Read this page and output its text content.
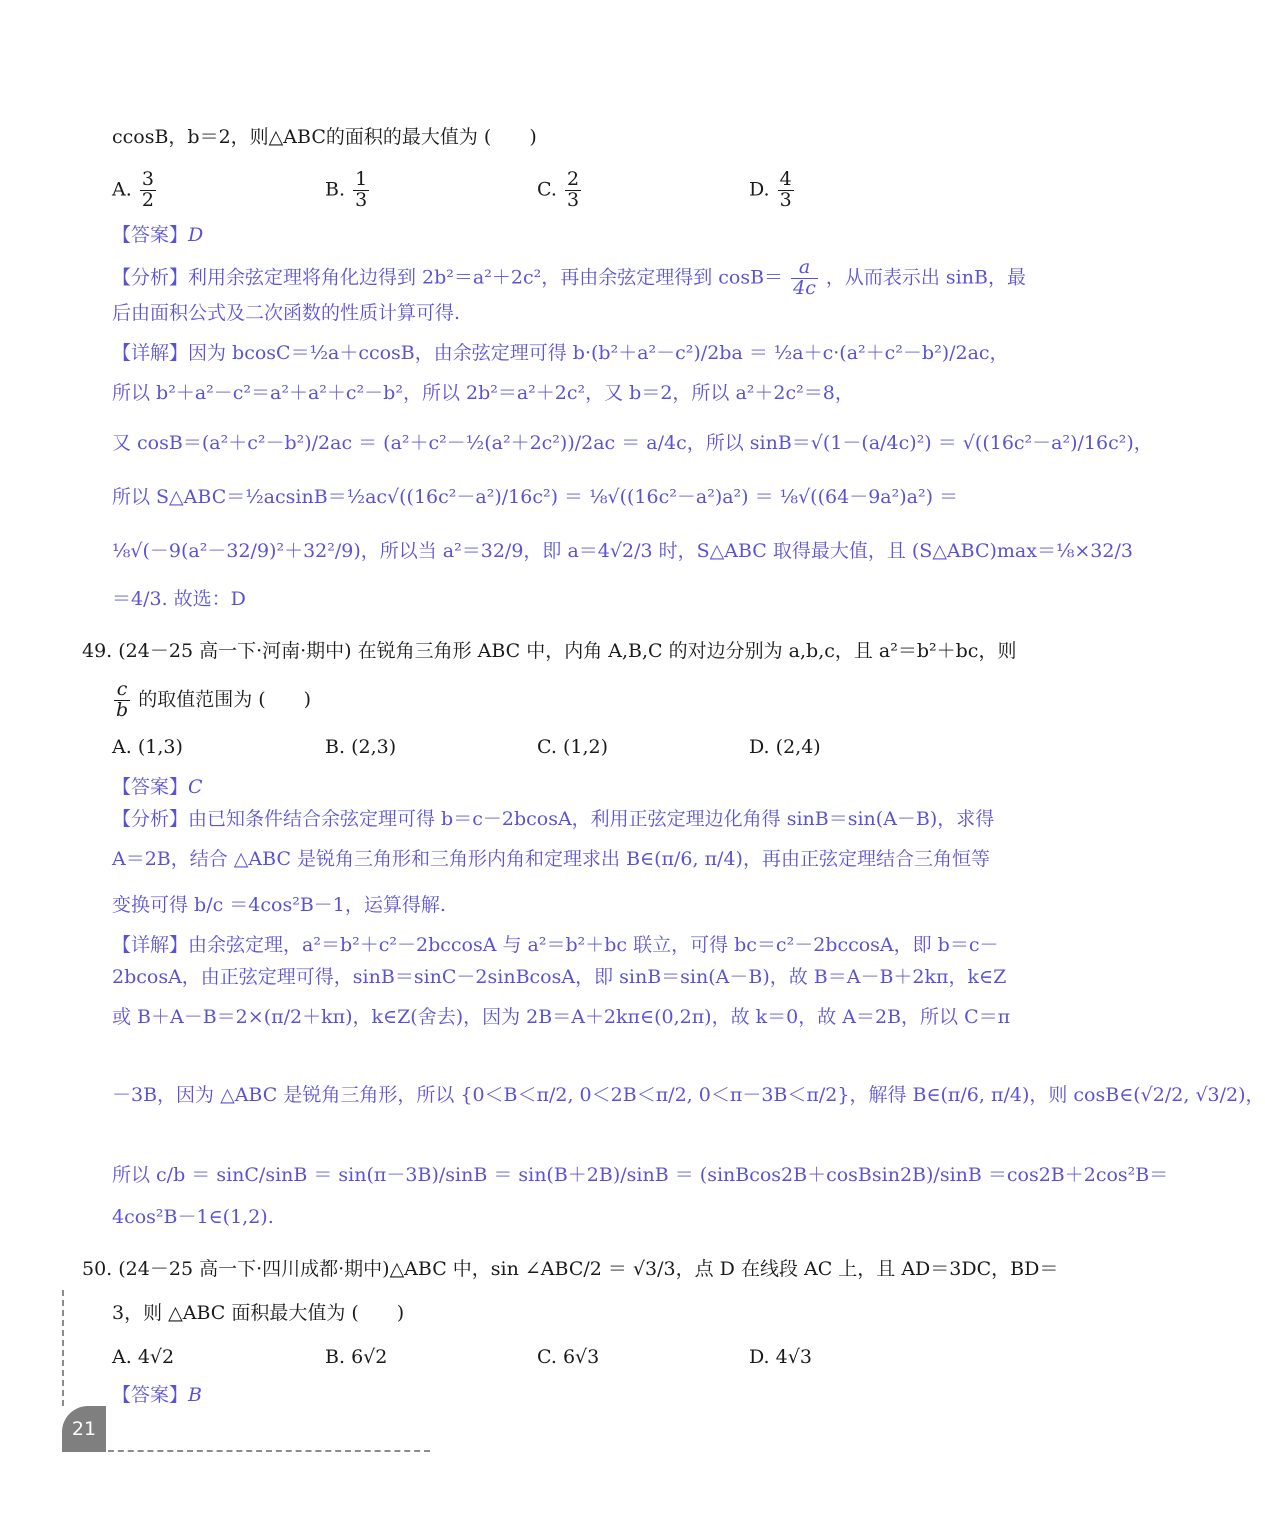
ccosB，b＝2，则△ABC的面积的最大值为 (　　)
A. $\frac{3}{2}$	B. $\frac{1}{3}$	C. $\frac{2}{3}$	D. $\frac{4}{3}$
【答案】D
【分析】利用余弦定理将角化边得到 2b²＝a²＋2c²，再由余弦定理得到 $\cos B= \frac{a}{4c}$ ，从而表示出 sinB，最
后由面积公式及二次函数的性质计算可得.
【详解】因为 bcosC＝½a＋ccosB，由余弦定理可得 b·(b²＋a²－c²)/2ba ＝ ½a＋c·(a²＋c²－b²)/2ac，
所以 b²＋a²－c²＝a²＋a²＋c²－b²，所以 2b²＝a²＋2c²，又 b＝2，所以 a²＋2c²＝8，
又 cosB＝(a²＋c²－b²)/2ac ＝ (a²＋c²－½(a²＋2c²))/2ac ＝ a/4c，所以 sinB＝√(1－(a/4c)²) ＝ √((16c²－a²)/16c²)，
所以 S△ABC＝½acsinB＝½ac√((16c²－a²)/16c²) ＝ ⅛√((16c²－a²)a²) ＝ ⅛√((64－9a²)a²) ＝
⅛√(－9(a²－32/9)²＋32²/9)，所以当 a²＝32/9，即 a＝4√2/3 时，S△ABC 取得最大值，且 (S△ABC)max＝⅛×32/3
＝4/3. 故选：D
49. (24－25 高一下·河南·期中) 在锐角三角形 ABC 中，内角 A,B,C 的对边分别为 a,b,c，且 a²＝b²＋bc，则
$\frac{c}{b}$ 的取值范围为 (　　)
A. (1,3)	B. (2,3)	C. (1,2)	D. (2,4)
【答案】C
【分析】由已知条件结合余弦定理可得 b＝c－2bcosA，利用正弦定理边化角得 sinB＝sin(A－B)，求得
A＝2B，结合 △ABC 是锐角三角形和三角形内角和定理求出 B∈(π/6, π/4)，再由正弦定理结合三角恒等
变换可得 b/c ＝4cos²B－1，运算得解.
【详解】由余弦定理，a²＝b²＋c²－2bccosA 与 a²＝b²＋bc 联立，可得 bc＝c²－2bccosA，即 b＝c－
2bcosA，由正弦定理可得，sinB＝sinC－2sinBcosA，即 sinB＝sin(A－B)，故 B＝A－B＋2kπ，k∈Z
或 B＋A－B＝2×(π/2＋kπ)，k∈Z(舍去)，因为 2B＝A＋2kπ∈(0,2π)，故 k＝0，故 A＝2B，所以 C＝π
－3B，因为 △ABC 是锐角三角形，所以 {0＜B＜π/2, 0＜2B＜π/2, 0＜π－3B＜π/2}，解得 B∈(π/6, π/4)，则 cosB∈(√2/2, √3/2)，
所以 c/b ＝ sinC/sinB ＝ sin(π－3B)/sinB ＝ sin(B＋2B)/sinB ＝ (sinBcos2B＋cosBsin2B)/sinB ＝cos2B＋2cos²B＝
4cos²B－1∈(1,2).
50. (24－25 高一下·四川成都·期中)△ABC 中，sin ∠ABC/2 ＝ √3/3，点 D 在线段 AC 上，且 AD＝3DC，BD＝
3，则 △ABC 面积最大值为 (　　)
A. 4√2	B. 6√2	C. 6√3	D. 4√3
【答案】B
21
